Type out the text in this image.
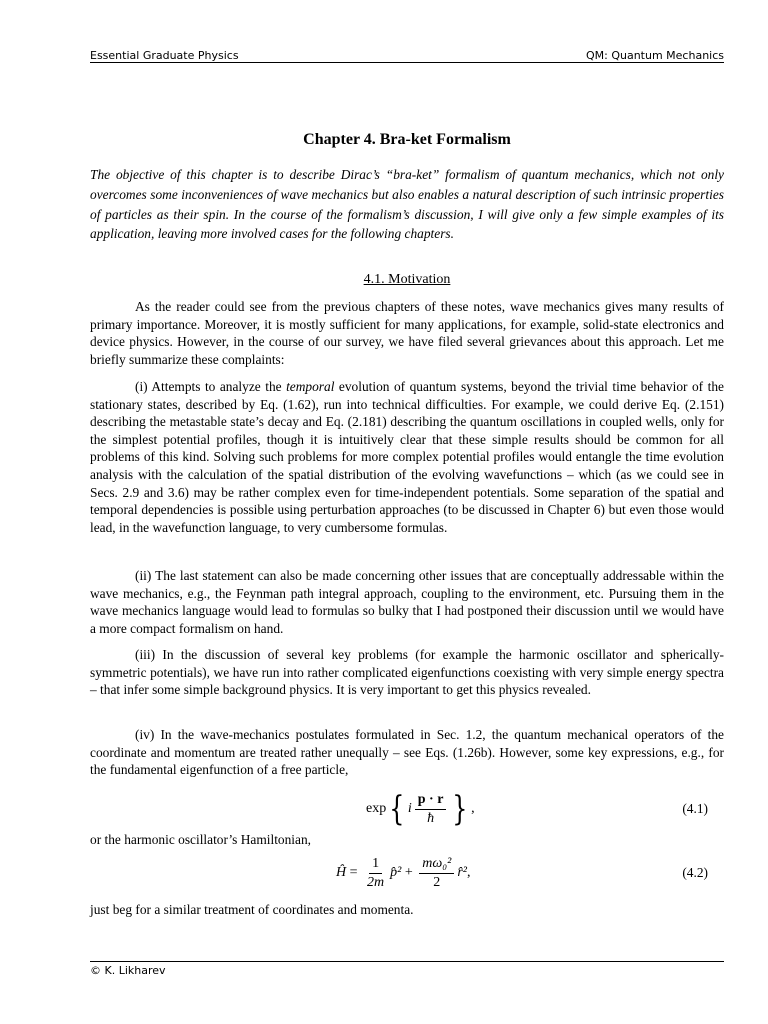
Essential Graduate Physics	QM: Quantum Mechanics
Chapter 4. Bra-ket Formalism

The objective of this chapter is to describe Dirac’s “bra-ket” formalism of quantum mechanics, which not only overcomes some inconveniences of wave mechanics but also enables a natural description of such intrinsic properties of particles as their spin. In the course of the formalism’s discussion, I will give only a few simple examples of its application, leaving more involved cases for the following chapters.

4.1. Motivation

As the reader could see from the previous chapters of these notes, wave mechanics gives many results of primary importance. Moreover, it is mostly sufficient for many applications, for example, solid-state electronics and device physics. However, in the course of our survey, we have filed several grievances about this approach. Let me briefly summarize these complaints:

(i) Attempts to analyze the temporal evolution of quantum systems, beyond the trivial time behavior of the stationary states, described by Eq. (1.62), run into technical difficulties. For example, we could derive Eq. (2.151) describing the metastable state’s decay and Eq. (2.181) describing the quantum oscillations in coupled wells, only for the simplest potential profiles, though it is intuitively clear that these simple results should be common for all problems of this kind. Solving such problems for more complex potential profiles would entangle the time evolution analysis with the calculation of the spatial distribution of the evolving wavefunctions – which (as we could see in Secs. 2.9 and 3.6) may be rather complex even for time-independent potentials. Some separation of the spatial and temporal dependencies is possible using perturbation approaches (to be discussed in Chapter 6) but even those would lead, in the wavefunction language, to very cumbersome formulas.

(ii) The last statement can also be made concerning other issues that are conceptually addressable within the wave mechanics, e.g., the Feynman path integral approach, coupling to the environment, etc. Pursuing them in the wave mechanics language would lead to formulas so bulky that I had postponed their discussion until we would have a more compact formalism on hand.

(iii) In the discussion of several key problems (for example the harmonic oscillator and spherically-symmetric potentials), we have run into rather complicated eigenfunctions coexisting with very simple energy spectra – that infer some simple background physics. It is very important to get this physics revealed.

(iv) In the wave-mechanics postulates formulated in Sec. 1.2, the quantum mechanical operators of the coordinate and momentum are treated rather unequally – see Eqs. (1.26b). However, some key expressions, e.g., for the fundamental eigenfunction of a free particle,

exp { i $\frac{p \cdot r}{ħ}$ } ,	(4.1)

or the harmonic oscillator’s Hamiltonian,

Ĥ = $\frac{1}{2m}$ p̂² + $\frac{\text{mω₀²}}{2}$ r̂² ,	(4.2)

just beg for a similar treatment of coordinates and momenta.

© K. Likharev
